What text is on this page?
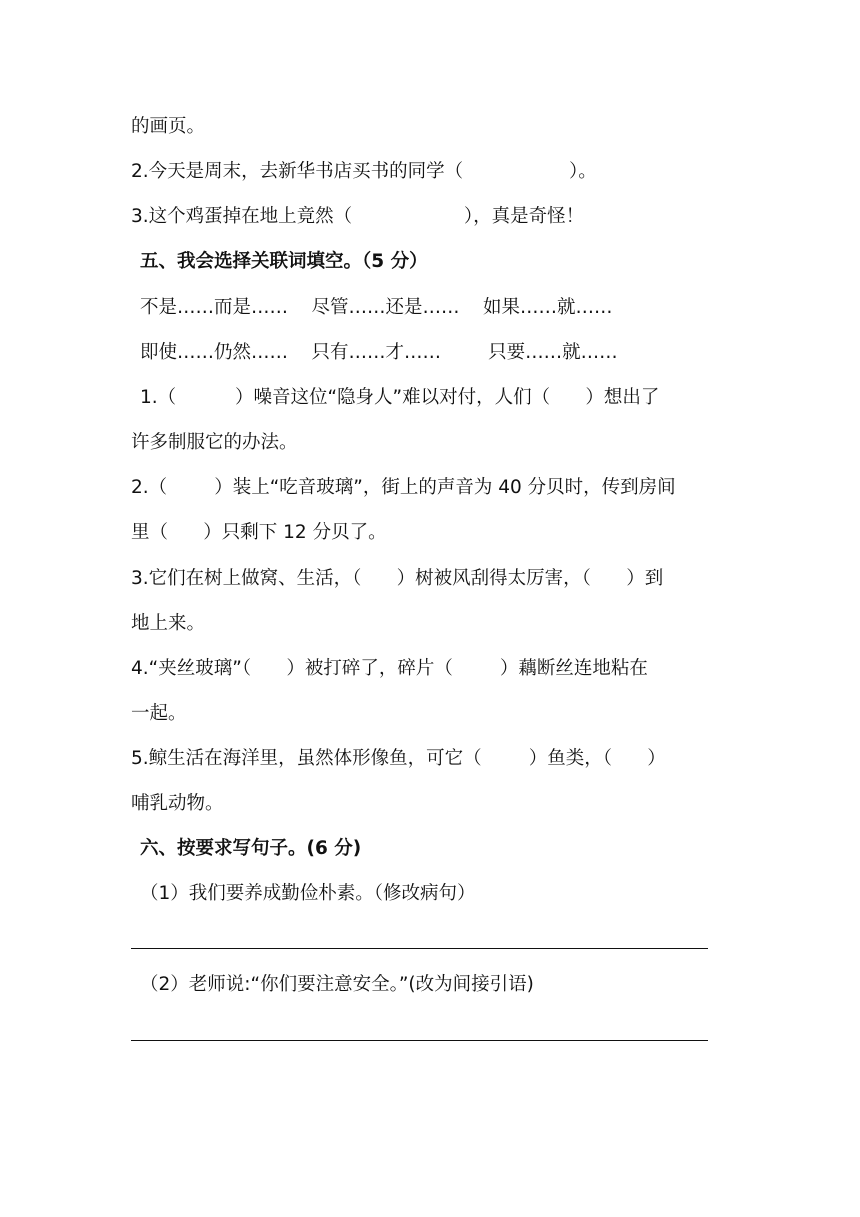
的画页。
2.今天是周末，去新华书店买书的同学（                  ）。
3.这个鸡蛋掉在地上竟然（                   ），真是奇怪！
五、我会选择关联词填空。（5 分）
不是……而是……    尽管……还是……    如果……就……
即使……仍然……    只有……才……        只要……就……
1.（          ）噪音这位“隐身人”难以对付，人们（      ）想出了
许多制服它的办法。
2.（        ）装上“吃音玻璃”，街上的声音为 40 分贝时，传到房间
里（      ）只剩下 12 分贝了。
3.它们在树上做窝、生活，（      ）树被风刮得太厉害，（      ）到
地上来。
4.“夹丝玻璃”（      ）被打碎了，碎片（        ）藕断丝连地粘在
一起。
5.鲸生活在海洋里，虽然体形像鱼，可它（        ）鱼类，（      ）
哺乳动物。
六、按要求写句子。(6 分)
（1）我们要养成勤俭朴素。（修改病句）
（2）老师说:“你们要注意安全。”(改为间接引语)
